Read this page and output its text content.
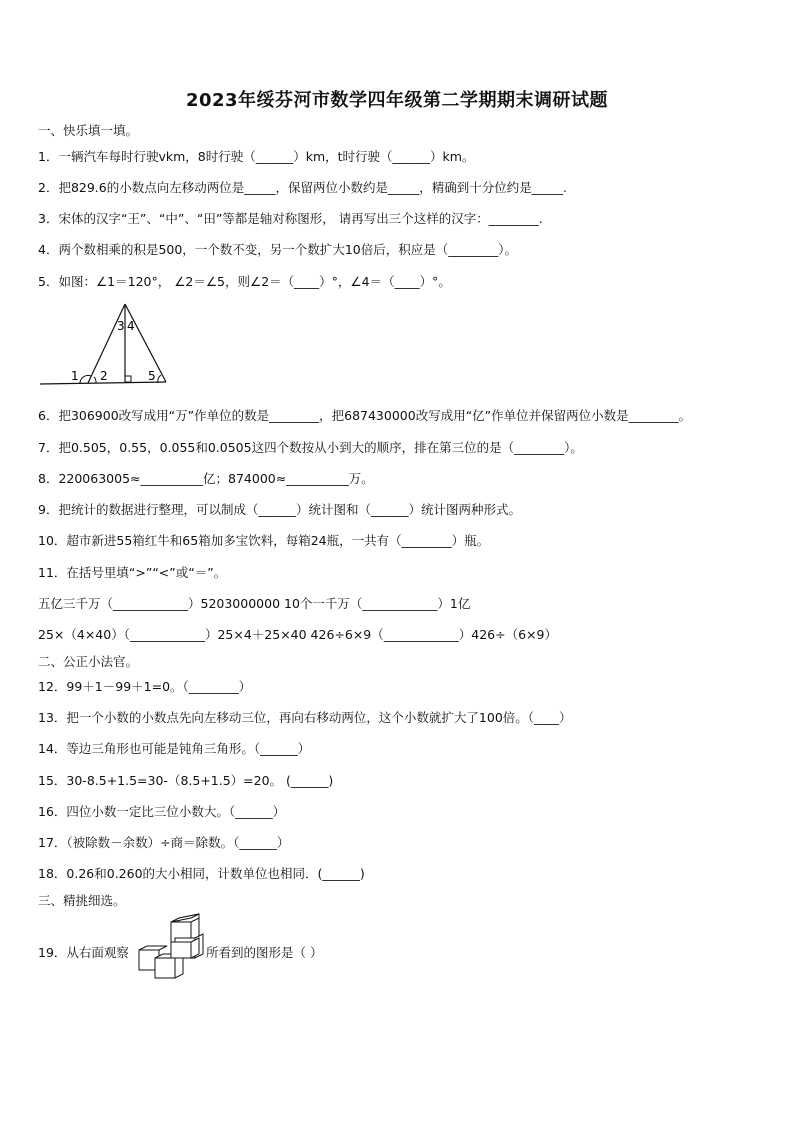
2023年绥芬河市数学四年级第二学期期末调研试题
一、快乐填一填。
1．一辆汽车每时行驶vkm，8时行驶（______）km，t时行驶（______）km。
2．把829.6的小数点向左移动两位是_____，保留两位小数约是_____，精确到十分位约是_____.
3．宋体的汉字“王”、“中”、“田”等都是轴对称图形， 请再写出三个这样的汉字：________.
4．两个数相乘的积是500，一个数不变，另一个数扩大10倍后，积应是（________）。
5．如图：∠1＝120°， ∠2＝∠5，则∠2＝（____）°，∠4＝（____）°。
1 2
3 4
5
6．把306900改写成用“万”作单位的数是________，把687430000改写成用“亿”作单位并保留两位小数是________。
7．把0.505，0.55，0.055和0.0505这四个数按从小到大的顺序，排在第三位的是（________）。
8．220063005≈__________亿；874000≈__________万。
9．把统计的数据进行整理，可以制成（______）统计图和（______）统计图两种形式。
10．超市新进55箱红牛和65箱加多宝饮料，每箱24瓶，一共有（________）瓶。
11．在括号里填“>”“<”或“＝”。
五亿三千万（____________）5203000000 10个一千万（____________）1亿
25×（4×40）（____________）25×4＋25×40 426÷6×9（____________）426÷（6×9）
二、公正小法官。
12．99＋1－99＋1=0。（________）
13．把一个小数的小数点先向左移动三位，再向右移动两位，这个小数就扩大了100倍。（____）
14．等边三角形也可能是钝角三角形。（______）
15．30-8.5+1.5=30-（8.5+1.5）=20。 (______)
16．四位小数一定比三位小数大。（______）
17．（被除数－余数）÷商＝除数。（______）
18．0.26和0.260的大小相同，计数单位也相同．(______)
三、精挑细选。
19．从右面观察	所看到的图形是（ ）
